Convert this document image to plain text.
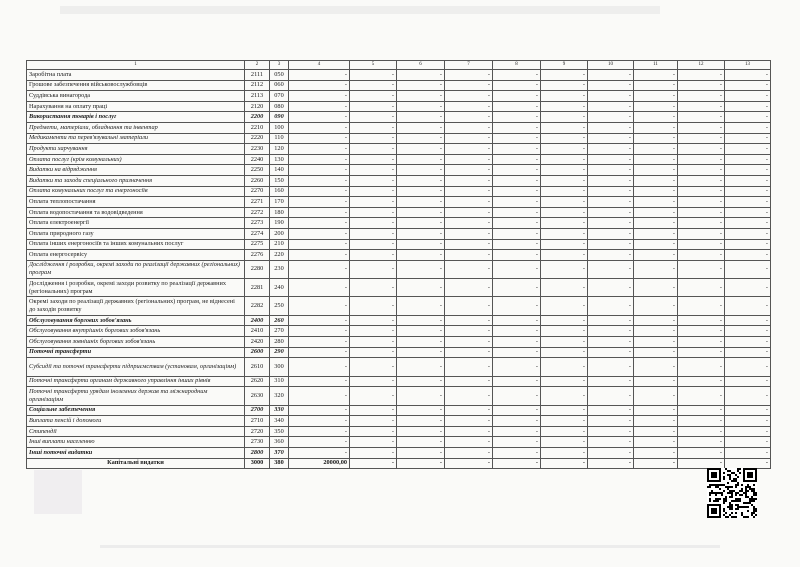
1	2	3	4	5	6	7	8	9	10	11	12	13
Заробітна плата	2111	050	-	-	-	-	-	-	-	-	-	-
Грошове забезпечення військовослужбовців	2112	060	-	-	-	-	-	-	-	-	-	-
Суддівська винагорода	2113	070	-	-	-	-	-	-	-	-	-	-
Нарахування на оплату праці	2120	080	-	-	-	-	-	-	-	-	-	-
Використання товарів і послуг	2200	090	-	-	-	-	-	-	-	-	-	-
Предмети, матеріали, обладнання та інвентар	2210	100	-	-	-	-	-	-	-	-	-	-
Медикаменти та перев'язувальні матеріали	2220	110	-	-	-	-	-	-	-	-	-	-
Продукти харчування	2230	120	-	-	-	-	-	-	-	-	-	-
Оплата послуг (крім комунальних)	2240	130	-	-	-	-	-	-	-	-	-	-
Видатки на відрядження	2250	140	-	-	-	-	-	-	-	-	-	-
Видатки та заходи спеціального призначення	2260	150	-	-	-	-	-	-	-	-	-	-
Оплата комунальних послуг та енергоносіїв	2270	160	-	-	-	-	-	-	-	-	-	-
Оплата теплопостачання	2271	170	-	-	-	-	-	-	-	-	-	-
Оплата водопостачання та водовідведення	2272	180	-	-	-	-	-	-	-	-	-	-
Оплата електроенергії	2273	190	-	-	-	-	-	-	-	-	-	-
Оплата природного газу	2274	200	-	-	-	-	-	-	-	-	-	-
Оплата інших енергоносіїв та інших комунальних послуг	2275	210	-	-	-	-	-	-	-	-	-	-
Оплата енергосервісу	2276	220	-	-	-	-	-	-	-	-	-	-
Дослідження і розробки, окремі заходи по реалізації державних (регіональних) програм	2280	230	-	-	-	-	-	-	-	-	-	-
Дослідження і розробки, окремі заходи розвитку по реалізації державних (регіональних) програм	2281	240	-	-	-	-	-	-	-	-	-	-
Окремі заходи по реалізації державних (регіональних) програм, не віднесені до заходів розвитку	2282	250	-	-	-	-	-	-	-	-	-	-
Обслуговування боргових зобов'язань	2400	260	-	-	-	-	-	-	-	-	-	-
Обслуговування внутрішніх боргових зобов'язань	2410	270	-	-	-	-	-	-	-	-	-	-
Обслуговування зовнішніх боргових зобов'язань	2420	280	-	-	-	-	-	-	-	-	-	-
Поточні трансферти	2600	290	-	-	-	-	-	-	-	-	-	-
Субсидії та поточні трансферти підприємствам (установам, організаціям)	2610	300	-	-	-	-	-	-	-	-	-	-
Поточні трансферти органам державного управління інших рівнів	2620	310	-	-	-	-	-	-	-	-	-	-
Поточні трансферти урядам іноземних держав та міжнародним організаціям	2630	320	-	-	-	-	-	-	-	-	-	-
Соціальне забезпечення	2700	330	-	-	-	-	-	-	-	-	-	-
Виплата пенсій і допомоги	2710	340	-	-	-	-	-	-	-	-	-	-
Стипендії	2720	350	-	-	-	-	-	-	-	-	-	-
Інші виплати населенню	2730	360	-	-	-	-	-	-	-	-	-	-
Інші поточні видатки	2800	370	-	-	-	-	-	-	-	-	-	-
Капітальні видатки	3000	380	20000,00	-	-	-	-	-	-	-	-	-
